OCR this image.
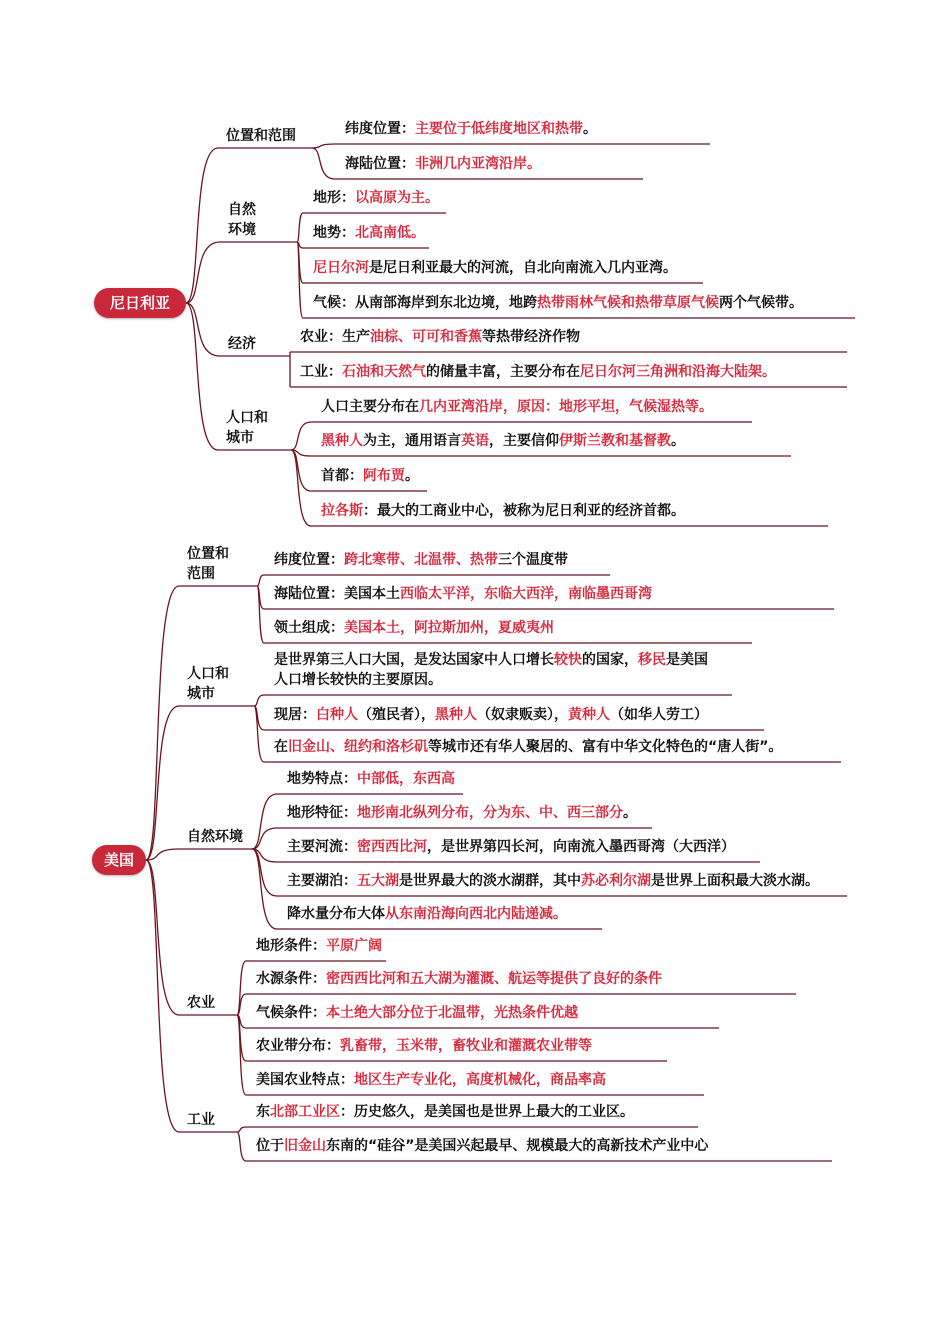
尼日利亚
位置和范围	纬度位置：主要位于低纬度地区和热带。
海陆位置：非洲几内亚湾沿岸。
自然
环境
地形：以高原为主。
地势：北高南低。
尼日尔河是尼日利亚最大的河流，自北向南流入几内亚湾。
气候：从南部海岸到东北边境，地跨热带雨林气候和热带草原气候两个气候带。
经济	农业：生产油棕、可可和香蕉等热带经济作物
工业：石油和天然气的储量丰富，主要分布在尼日尔河三角洲和沿海大陆架。
人口和
城市
人口主要分布在几内亚湾沿岸，原因：地形平坦，气候湿热等。
黑种人为主，通用语言英语，主要信仰伊斯兰教和基督教。
首都：阿布贾。
拉各斯：最大的工商业中心，被称为尼日利亚的经济首都。
美国
位置和
范围
纬度位置：跨北寒带、北温带、热带三个温度带
海陆位置：美国本土西临太平洋，东临大西洋，南临墨西哥湾
领土组成：美国本土，阿拉斯加州，夏威夷州
人口和
城市
是世界第三人口大国，是发达国家中人口增长较快的国家，移民是美国
人口增长较快的主要原因。
现居：白种人（殖民者），黑种人（奴隶贩卖），黄种人（如华人劳工）
在旧金山、纽约和洛杉矶等城市还有华人聚居的、富有中华文化特色的“唐人街”。
自然环境
地势特点：中部低，东西高
地形特征：地形南北纵列分布，分为东、中、西三部分。
主要河流：密西西比河，是世界第四长河，向南流入墨西哥湾（大西洋）
主要湖泊：五大湖是世界最大的淡水湖群，其中苏必利尔湖是世界上面积最大淡水湖。
降水量分布大体从东南沿海向西北内陆递减。
农业
地形条件：平原广阔
水源条件：密西西比河和五大湖为灌溉、航运等提供了良好的条件
气候条件：本土绝大部分位于北温带，光热条件优越
农业带分布：乳畜带，玉米带，畜牧业和灌溉农业带等
美国农业特点：地区生产专业化，高度机械化，商品率高
工业	东北部工业区：历史悠久，是美国也是世界上最大的工业区。
位于旧金山东南的“硅谷”是美国兴起最早、规模最大的高新技术产业中心
